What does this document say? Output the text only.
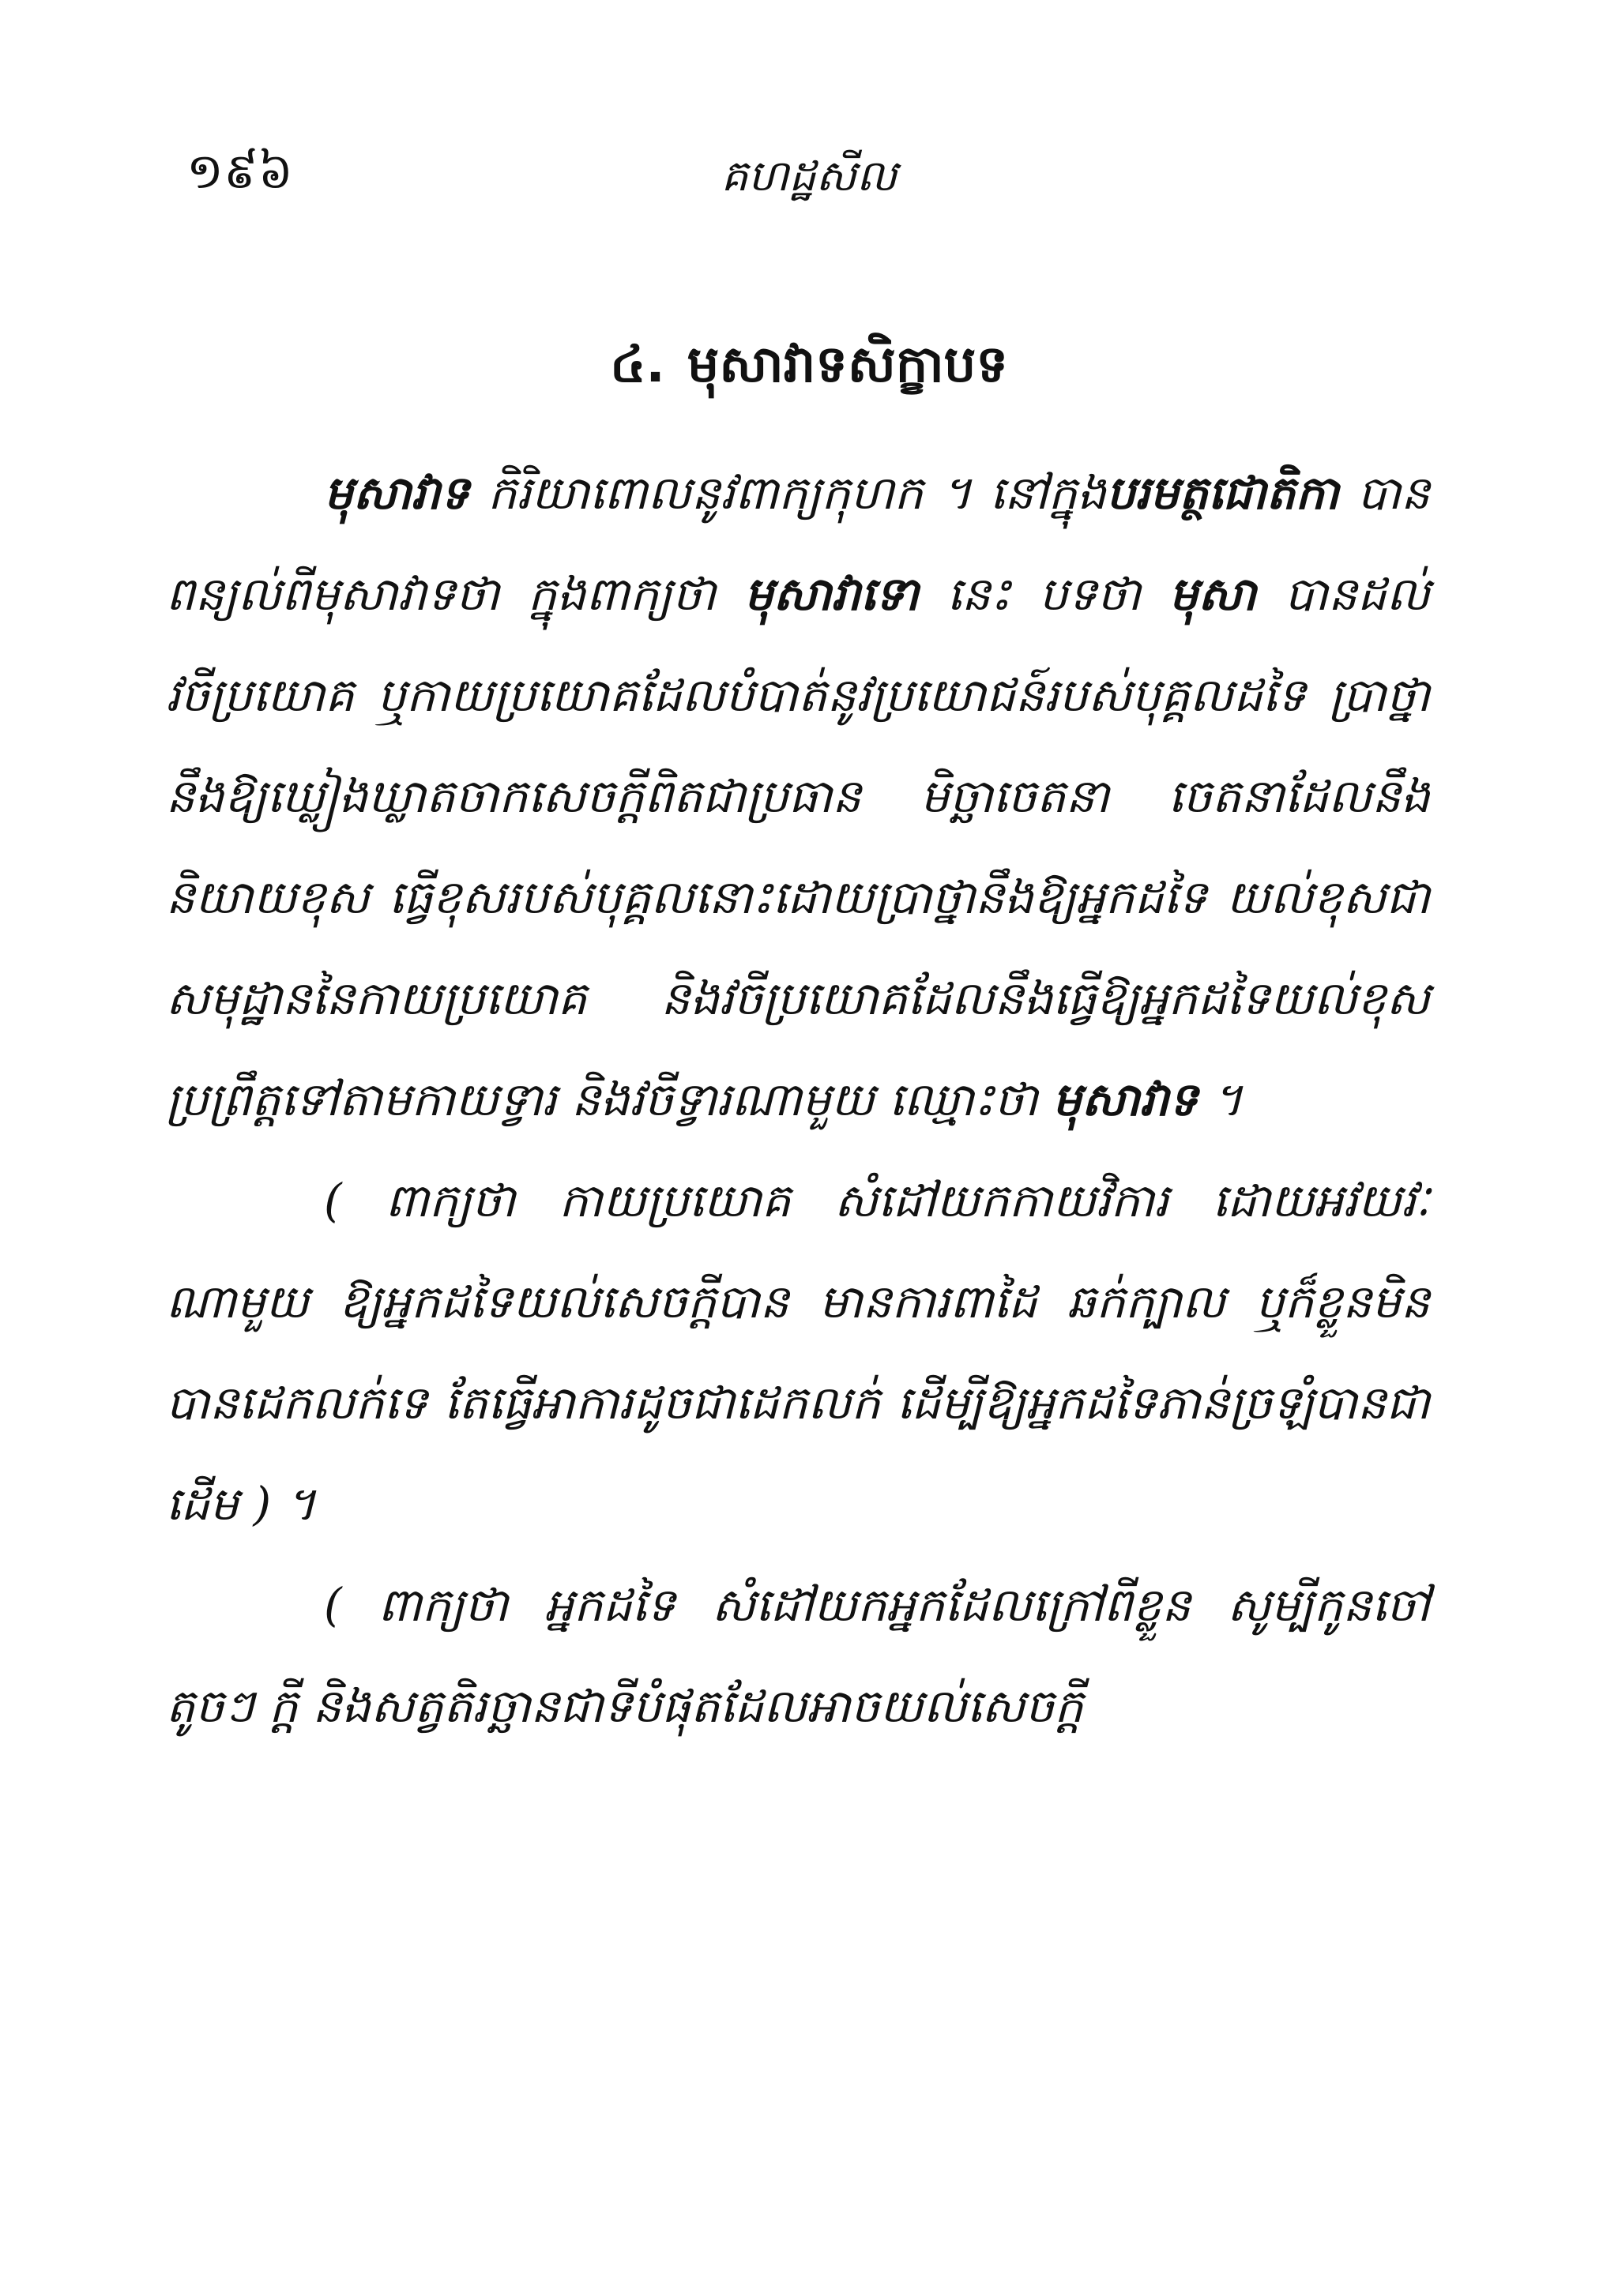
១៩៦	គហដ្ឋសីល
៤. មុសាវាទសិក្ខាបទ

មុសាវាទ កិរិយាពោលនូវពាក្យកុហក ។ នៅក្នុងបរមត្ថជោតិកា បានពន្យល់ពីមុសាវាទថា ក្នុងពាក្យថា មុសាវាទោ នេះ បទថា មុសា បានដល់ វចីប្រយោគ ឬកាយប្រយោគដែលបំបាត់នូវប្រយោជន៍របស់បុគ្គលដទៃ ប្រាថ្នានឹងឱ្យឃ្លៀងឃ្លាតចាកសេចក្តីពិតជាប្រធាន មិច្ឆាចេតនា ចេតនាដែលនឹងនិយាយខុស ធ្វើខុសរបស់បុគ្គលនោះដោយប្រាថ្នានឹងឱ្យអ្នកដទៃ យល់ខុសជាសមុដ្ឋាននៃកាយប្រយោគ និងវចីប្រយោគដែលនឹងធ្វើឱ្យអ្នកដទៃយល់ខុសប្រព្រឹត្តទៅតាមកាយទ្វារ និងវចីទ្វារណាមួយ ឈ្មោះថា មុសាវាទ ។

( ពាក្យថា កាយប្រយោគ សំដៅយកកាយវិការ ដោយអវយវៈណាមួយ ឱ្យអ្នកដទៃយល់សេចក្តីបាន មានការពាដៃ ឆក់ក្បាល ឬក៏ខ្លួនមិនបានដេកលក់ទេ តែធ្វើអាការដូចជាដេកលក់ ដើម្បីឱ្យអ្នកដទៃភាន់ច្រឡំបានជាដើម ) ។

( ពាក្យថា អ្នកដទៃ សំដៅយកអ្នកដែលក្រៅពីខ្លួន សូម្បីកូនចៅតូចៗ ក្តី និងសត្វតិរច្ឆានជាទីបំផុតដែលអាចយល់សេចក្តី
